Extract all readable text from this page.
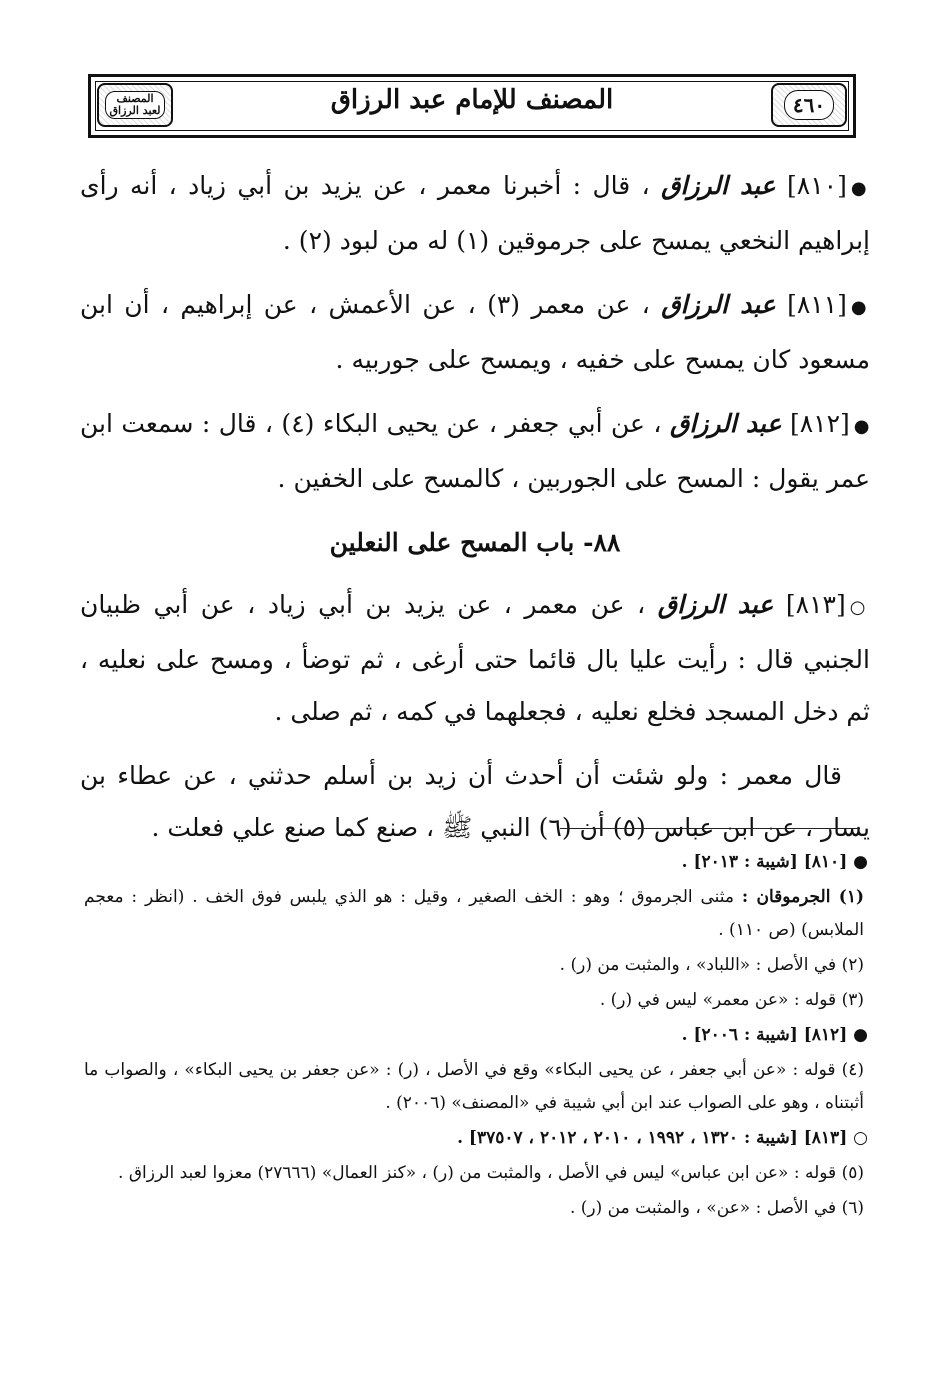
٤٦٠
المصنف للإمام عبد الرزاق
المصنف
لعبد الرزاق

●[٨١٠] عبد الرزاق ، قال : أخبرنا معمر ، عن يزيد بن أبي زياد ، أنه رأى إبراهيم النخعي يمسح على جرموقين (١) له من لبود (٢) .

●[٨١١] عبد الرزاق ، عن معمر (٣) ، عن الأعمش ، عن إبراهيم ، أن ابن مسعود كان يمسح على خفيه ، ويمسح على جوربيه .

●[٨١٢] عبد الرزاق ، عن أبي جعفر ، عن يحيى البكاء (٤) ، قال : سمعت ابن عمر يقول : المسح على الجوربين ، كالمسح على الخفين .

٨٨- باب المسح على النعلين

○[٨١٣] عبد الرزاق ، عن معمر ، عن يزيد بن أبي زياد ، عن أبي ظبيان الجنبي قال : رأيت عليا بال قائما حتى أرغى ، ثم توضأ ، ومسح على نعليه ، ثم دخل المسجد فخلع نعليه ، فجعلهما في كمه ، ثم صلى .

قال معمر : ولو شئت أن أحدث أن زيد بن أسلم حدثني ، عن عطاء بن يسار ، عن ابن عباس (٥) أن (٦) النبي ﷺ ، صنع كما صنع علي فعلت .

● [٨١٠] [شيبة : ٢٠١٣] .

(١) الجرموقان : مثنى الجرموق ؛ وهو : الخف الصغير ، وقيل : هو الذي يلبس فوق الخف . (انظر : معجم الملابس) (ص ١١٠) .

(٢) في الأصل : «اللباد» ، والمثبت من (ر) .

(٣) قوله : «عن معمر» ليس في (ر) .

● [٨١٢] [شيبة : ٢٠٠٦] .

(٤) قوله : «عن أبي جعفر ، عن يحيى البكاء» وقع في الأصل ، (ر) : «عن جعفر بن يحيى البكاء» ، والصواب ما أثبتناه ، وهو على الصواب عند ابن أبي شيبة في «المصنف» (٢٠٠٦) .

○ [٨١٣] [شيبة : ١٣٢٠ ، ١٩٩٢ ، ٢٠١٠ ، ٢٠١٢ ، ٣٧٥٠٧] .

(٥) قوله : «عن ابن عباس» ليس في الأصل ، والمثبت من (ر) ، «كنز العمال» (٢٧٦٦٦) معزوا لعبد الرزاق .

(٦) في الأصل : «عن» ، والمثبت من (ر) .
